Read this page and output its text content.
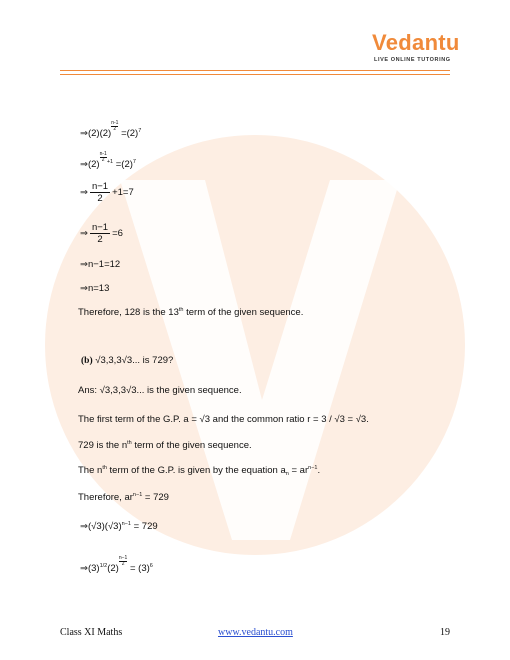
Vedantu
LIVE ONLINE TUTORING
⇒(2)(2)
$\frac{n-1}{2}$
$=(2)^7$
⇒(2)
$\frac{n-1}{2} ^{+1} =(2)^7$
⇒ $\frac{n-1}{2} +1=7$
⇒ $\frac{n-1}{2} =6$
⇒n−1=12
⇒n=13
Therefore, 128 is the 13th term of the given sequence.
(b) √3,3,3√3... is 729?
Ans: √3,3,3√3... is the given sequence.
The first term of the G.P. a = √3 and the common ratio r = 3 / √3 = √3.
729 is the $n^{th}$ term of the given sequence.
The $n^{th}$ term of the G.P. is given by the equation $a_n = ar^{n-1}$.
Therefore, $ar^{n-1} = 729$
$\Rightarrow(√3)(√3)^{n-1} = 729$
$\Rightarrow(3)^{1/2}(2)$
$\frac{n-1}{2}$
= $(3)^6$
Class XI Maths	www.vedantu.com	19
